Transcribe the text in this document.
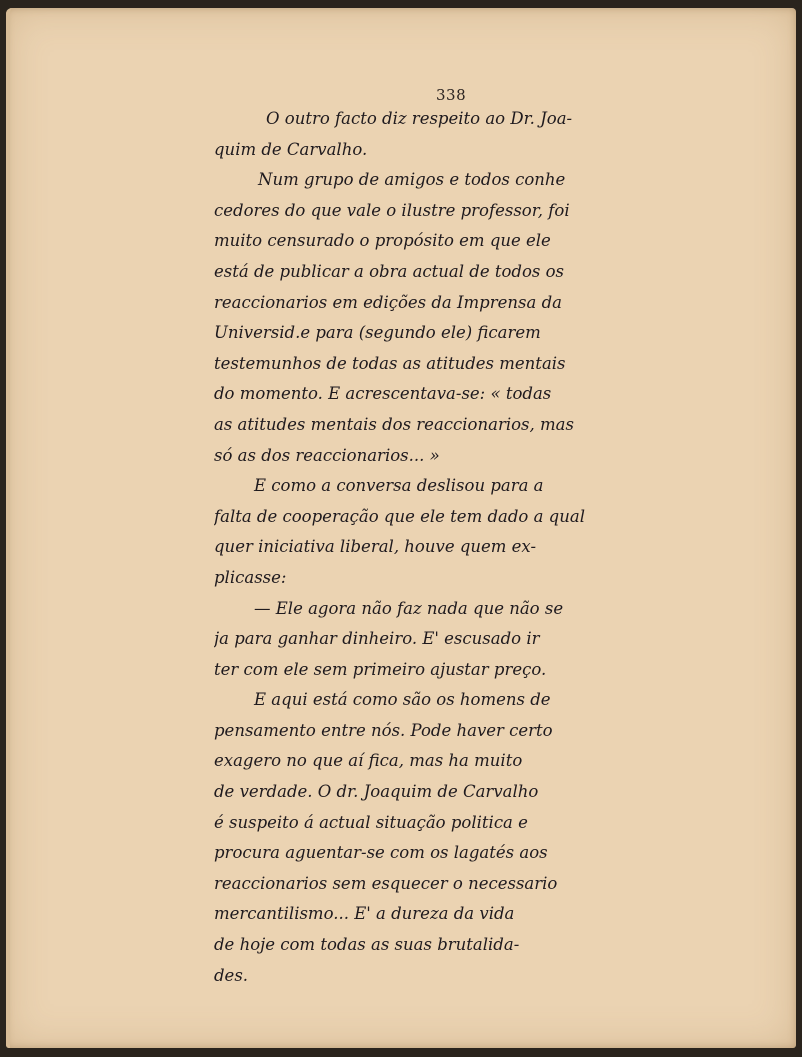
338
O outro facto diz respeito ao Dr. Joa-
quim de Carvalho.
Num grupo de amigos e todos conhe
cedores do que vale o ilustre professor, foi
muito censurado o propósito em que ele
está de publicar a obra actual de todos os
reaccionarios em edições da Imprensa da
Universid.e para (segundo ele) ficarem
testemunhos de todas as atitudes mentais
do momento. E acrescentava-se: « todas
as atitudes mentais dos reaccionarios, mas
só as dos reaccionarios... »
E como a conversa deslisou para a
falta de cooperação que ele tem dado a qual
quer iniciativa liberal, houve quem ex-
plicasse:
— Ele agora não faz nada que não se
ja para ganhar dinheiro. E' escusado ir
ter com ele sem primeiro ajustar preço.
E aqui está como são os homens de
pensamento entre nós. Pode haver certo
exagero no que aí fica, mas ha muito
de verdade. O dr. Joaquim de Carvalho
é suspeito á actual situação politica e
procura aguentar-se com os lagatés aos
reaccionarios sem esquecer o necessario
mercantilismo... E' a dureza da vida
de hoje com todas as suas brutalida-
des.
